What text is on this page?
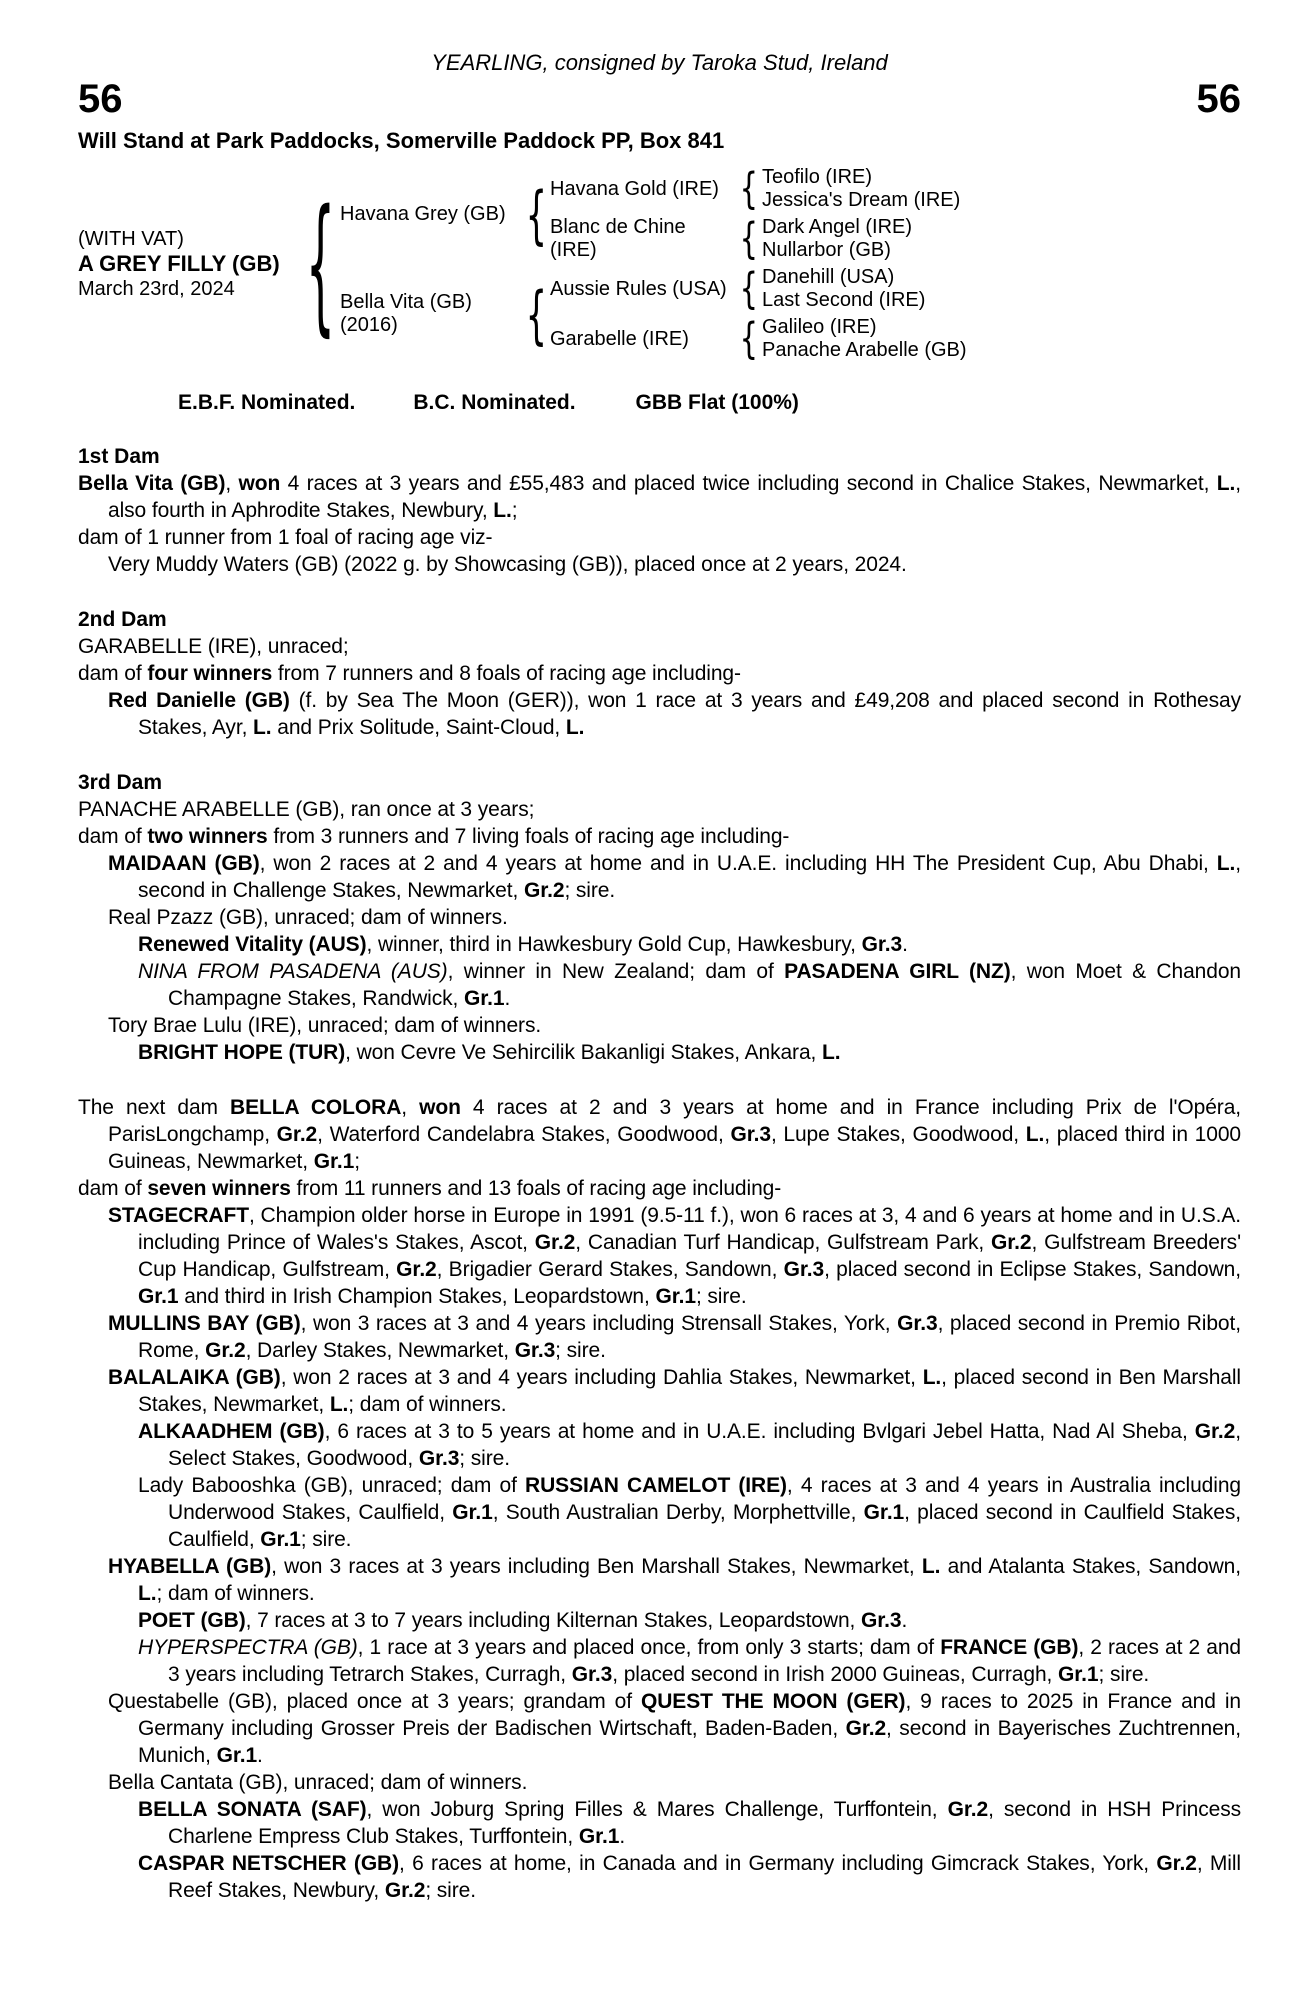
YEARLING, consigned by Taroka Stud, Ireland
56	56
Will Stand at Park Paddocks, Somerville Paddock PP, Box 841
(WITH VAT)
A GREY FILLY (GB)
March 23rd, 2024
{
Havana Grey (GB)
{
Havana Gold (IRE)
{
Teofilo (IRE)
Jessica's Dream (IRE)
Blanc de Chine (IRE)
{
Dark Angel (IRE)
Nullarbor (GB)
Bella Vita (GB)
(2016)
{
Aussie Rules (USA)
{
Danehill (USA)
Last Second (IRE)
Garabelle (IRE)
{
Galileo (IRE)
Panache Arabelle (GB)
E.B.F. Nominated.	B.C. Nominated.	GBB Flat (100%)
1st Dam

Bella Vita (GB), won 4 races at 3 years and £55,483 and placed twice including second in Chalice Stakes, Newmarket, L., also fourth in Aphrodite Stakes, Newbury, L.;

dam of 1 runner from 1 foal of racing age viz-

Very Muddy Waters (GB) (2022 g. by Showcasing (GB)), placed once at 2 years, 2024.

2nd Dam

GARABELLE (IRE), unraced;

dam of four winners from 7 runners and 8 foals of racing age including-

Red Danielle (GB) (f. by Sea The Moon (GER)), won 1 race at 3 years and £49,208 and placed second in Rothesay Stakes, Ayr, L. and Prix Solitude, Saint-Cloud, L.

3rd Dam

PANACHE ARABELLE (GB), ran once at 3 years;

dam of two winners from 3 runners and 7 living foals of racing age including-

MAIDAAN (GB), won 2 races at 2 and 4 years at home and in U.A.E. including HH The President Cup, Abu Dhabi, L., second in Challenge Stakes, Newmarket, Gr.2; sire.

Real Pzazz (GB), unraced; dam of winners.

Renewed Vitality (AUS), winner, third in Hawkesbury Gold Cup, Hawkesbury, Gr.3.

NINA FROM PASADENA (AUS), winner in New Zealand; dam of PASADENA GIRL (NZ), won Moet & Chandon Champagne Stakes, Randwick, Gr.1.

Tory Brae Lulu (IRE), unraced; dam of winners.

BRIGHT HOPE (TUR), won Cevre Ve Sehircilik Bakanligi Stakes, Ankara, L.

The next dam BELLA COLORA, won 4 races at 2 and 3 years at home and in France including Prix de l'Opéra, ParisLongchamp, Gr.2, Waterford Candelabra Stakes, Goodwood, Gr.3, Lupe Stakes, Goodwood, L., placed third in 1000 Guineas, Newmarket, Gr.1;

dam of seven winners from 11 runners and 13 foals of racing age including-

STAGECRAFT, Champion older horse in Europe in 1991 (9.5-11 f.), won 6 races at 3, 4 and 6 years at home and in U.S.A. including Prince of Wales's Stakes, Ascot, Gr.2, Canadian Turf Handicap, Gulfstream Park, Gr.2, Gulfstream Breeders' Cup Handicap, Gulfstream, Gr.2, Brigadier Gerard Stakes, Sandown, Gr.3, placed second in Eclipse Stakes, Sandown, Gr.1 and third in Irish Champion Stakes, Leopardstown, Gr.1; sire.

MULLINS BAY (GB), won 3 races at 3 and 4 years including Strensall Stakes, York, Gr.3, placed second in Premio Ribot, Rome, Gr.2, Darley Stakes, Newmarket, Gr.3; sire.

BALALAIKA (GB), won 2 races at 3 and 4 years including Dahlia Stakes, Newmarket, L., placed second in Ben Marshall Stakes, Newmarket, L.; dam of winners.

ALKAADHEM (GB), 6 races at 3 to 5 years at home and in U.A.E. including Bvlgari Jebel Hatta, Nad Al Sheba, Gr.2, Select Stakes, Goodwood, Gr.3; sire.

Lady Babooshka (GB), unraced; dam of RUSSIAN CAMELOT (IRE), 4 races at 3 and 4 years in Australia including Underwood Stakes, Caulfield, Gr.1, South Australian Derby, Morphettville, Gr.1, placed second in Caulfield Stakes, Caulfield, Gr.1; sire.

HYABELLA (GB), won 3 races at 3 years including Ben Marshall Stakes, Newmarket, L. and Atalanta Stakes, Sandown, L.; dam of winners.

POET (GB), 7 races at 3 to 7 years including Kilternan Stakes, Leopardstown, Gr.3.

HYPERSPECTRA (GB), 1 race at 3 years and placed once, from only 3 starts; dam of FRANCE (GB), 2 races at 2 and 3 years including Tetrarch Stakes, Curragh, Gr.3, placed second in Irish 2000 Guineas, Curragh, Gr.1; sire.

Questabelle (GB), placed once at 3 years; grandam of QUEST THE MOON (GER), 9 races to 2025 in France and in Germany including Grosser Preis der Badischen Wirtschaft, Baden-Baden, Gr.2, second in Bayerisches Zuchtrennen, Munich, Gr.1.

Bella Cantata (GB), unraced; dam of winners.

BELLA SONATA (SAF), won Joburg Spring Filles & Mares Challenge, Turffontein, Gr.2, second in HSH Princess Charlene Empress Club Stakes, Turffontein, Gr.1.

CASPAR NETSCHER (GB), 6 races at home, in Canada and in Germany including Gimcrack Stakes, York, Gr.2, Mill Reef Stakes, Newbury, Gr.2; sire.
